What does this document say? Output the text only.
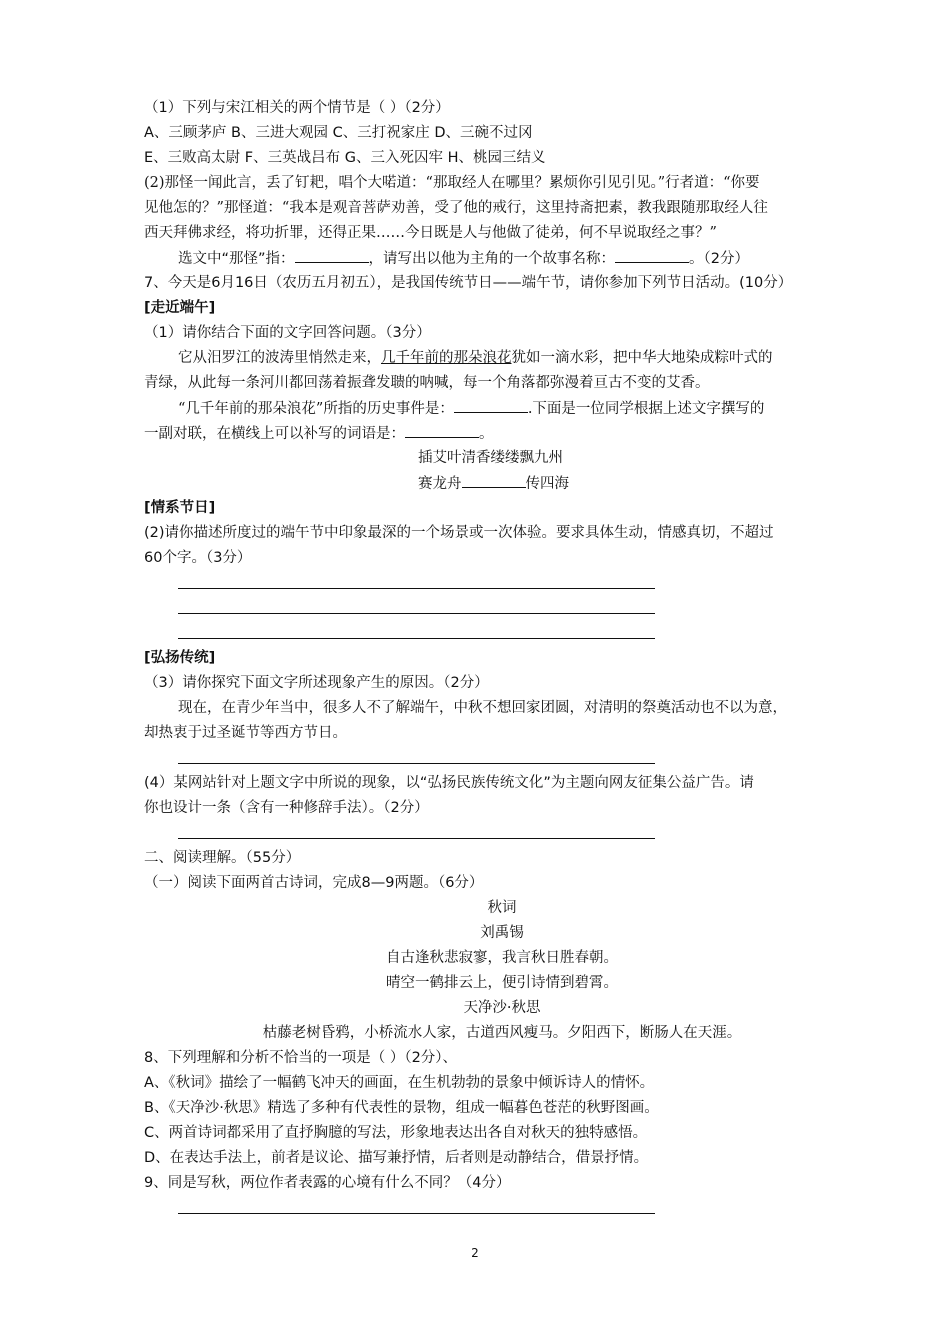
（1）下列与宋江相关的两个情节是（ ）（2分）
A、三顾茅庐 B、三进大观园 C、三打祝家庄 D、三碗不过冈
E、三败高太尉 F、三英战吕布 G、三入死囚牢 H、桃园三结义
(2)那怪一闻此言，丢了钉耙，唱个大喏道：“那取经人在哪里？累烦你引见引见。”行者道：“你要
见他怎的？”那怪道：“我本是观音菩萨劝善，受了他的戒行，这里持斋把素，教我跟随那取经人往
西天拜佛求经，将功折罪，还得正果……今日既是人与他做了徒弟，何不早说取经之事？”
选文中“那怪”指：	，请写出以他为主角的一个故事名称：	。（2分）
7、今天是6月16日（农历五月初五），是我国传统节日——端午节，请你参加下列节日活动。(10分）
[走近端午]
（1）请你结合下面的文字回答问题。（3分）
它从汨罗江的波涛里悄然走来，几千年前的那朵浪花犹如一滴水彩，把中华大地染成粽叶式的
青绿，从此每一条河川都回荡着振聋发聩的呐喊，每一个角落都弥漫着亘古不变的艾香。
“几千年前的那朵浪花”所指的历史事件是：	.下面是一位同学根据上述文字撰写的
一副对联，在横线上可以补写的词语是：	。
插艾叶清香缕缕飘九州
赛龙舟	传四海
[情系节日]
(2)请你描述所度过的端午节中印象最深的一个场景或一次体验。要求具体生动，情感真切，不超过
60个字。（3分）
[弘扬传统]
（3）请你探究下面文字所述现象产生的原因。（2分）
现在，在青少年当中，很多人不了解端午，中秋不想回家团圆，对清明的祭奠活动也不以为意，
却热衷于过圣诞节等西方节日。
(4）某网站针对上题文字中所说的现象，以“弘扬民族传统文化”为主题向网友征集公益广告。请
你也设计一条（含有一种修辞手法）。（2分）
二、阅读理解。（55分）
（一）阅读下面两首古诗词，完成8—9两题。（6分）
秋词
刘禹锡
自古逢秋悲寂寥，我言秋日胜春朝。
晴空一鹤排云上，便引诗情到碧霄。
天净沙·秋思
枯藤老树昏鸦，小桥流水人家，古道西风瘦马。夕阳西下，断肠人在天涯。
8、下列理解和分析不恰当的一项是（ ）（2分）、
A、《秋词》描绘了一幅鹤飞冲天的画面，在生机勃勃的景象中倾诉诗人的情怀。
B、《天净沙·秋思》精选了多种有代表性的景物，组成一幅暮色苍茫的秋野图画。
C、两首诗词都采用了直抒胸臆的写法，形象地表达出各自对秋天的独特感悟。
D、在表达手法上，前者是议论、描写兼抒情，后者则是动静结合，借景抒情。
9、同是写秋，两位作者表露的心境有什么不同？（4分）
2
